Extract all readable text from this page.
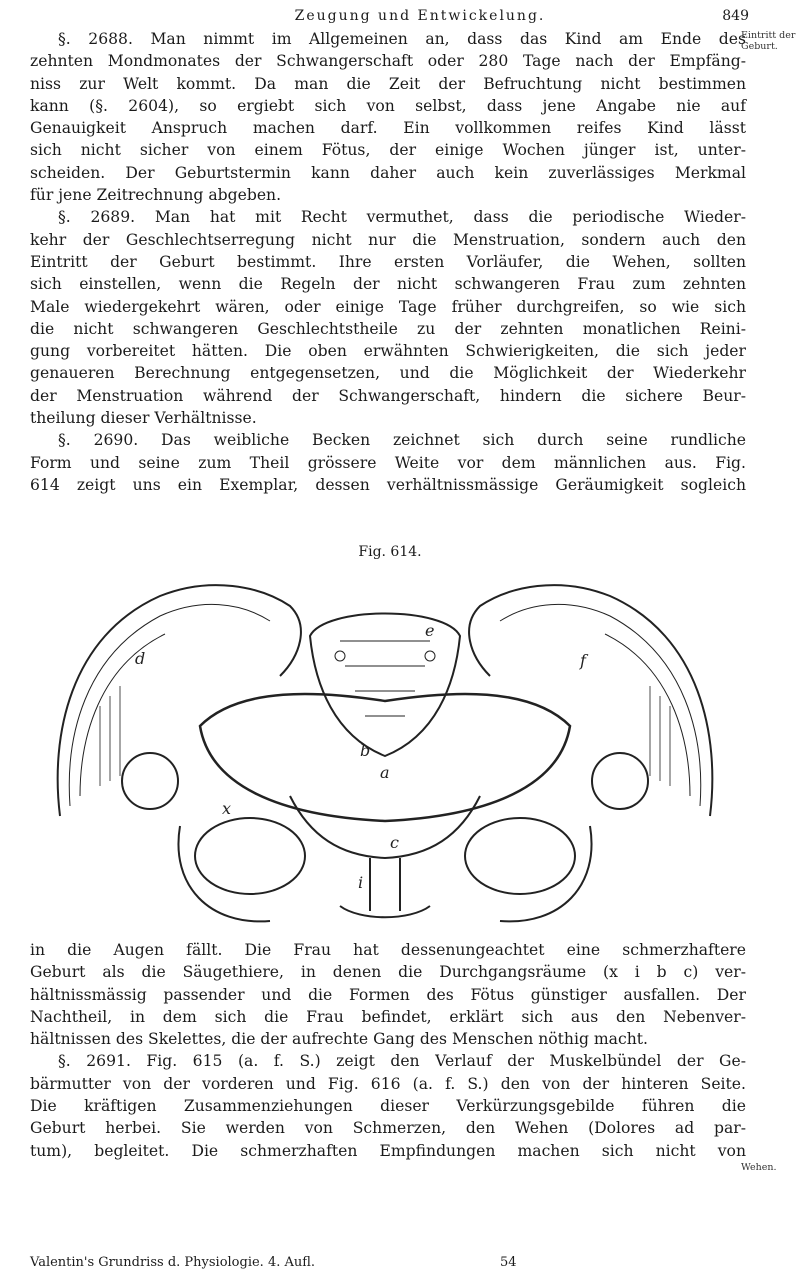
Zeugung und Entwickelung.	849
Eintritt der Geburt.
Wehen.

§. 2688. Man nimmt im Allgemeinen an, dass das Kind am Ende des

zehnten Mondmonates der Schwangerschaft oder 280 Tage nach der Empfäng-

niss zur Welt kommt. Da man die Zeit der Befruchtung nicht bestimmen

kann (§. 2604), so ergiebt sich von selbst, dass jene Angabe nie auf

Genauigkeit Anspruch machen darf. Ein vollkommen reifes Kind lässt

sich nicht sicher von einem Fötus, der einige Wochen jünger ist, unter-

scheiden. Der Geburtstermin kann daher auch kein zuverlässiges Merkmal

für jene Zeitrechnung abgeben.

§. 2689. Man hat mit Recht vermuthet, dass die periodische Wieder-

kehr der Geschlechtserregung nicht nur die Menstruation, sondern auch den

Eintritt der Geburt bestimmt. Ihre ersten Vorläufer, die Wehen, sollten

sich einstellen, wenn die Regeln der nicht schwangeren Frau zum zehnten

Male wiedergekehrt wären, oder einige Tage früher durchgreifen, so wie sich

die nicht schwangeren Geschlechtstheile zu der zehnten monatlichen Reini-

gung vorbereitet hätten. Die oben erwähnten Schwierigkeiten, die sich jeder

genaueren Berechnung entgegensetzen, und die Möglichkeit der Wiederkehr

der Menstruation während der Schwangerschaft, hindern die sichere Beur-

theilung dieser Verhältnisse.

§. 2690. Das weibliche Becken zeichnet sich durch seine rundliche

Form und seine zum Theil grössere Weite vor dem männlichen aus. Fig.

614 zeigt uns ein Exemplar, dessen verhältnissmässige Geräumigkeit sogleich

Fig. 614.
d
e
a
b
c
i
x
f

in die Augen fällt. Die Frau hat dessenungeachtet eine schmerzhaftere

Geburt als die Säugethiere, in denen die Durchgangsräume (x i b c) ver-

hältnissmässig passender und die Formen des Fötus günstiger ausfallen. Der

Nachtheil, in dem sich die Frau befindet, erklärt sich aus den Nebenver-

hältnissen des Skelettes, die der aufrechte Gang des Menschen nöthig macht.

§. 2691. Fig. 615 (a. f. S.) zeigt den Verlauf der Muskelbündel der Ge-

bärmutter von der vorderen und Fig. 616 (a. f. S.) den von der hinteren Seite.

Die kräftigen Zusammenziehungen dieser Verkürzungsgebilde führen die

Geburt herbei. Sie werden von Schmerzen, den Wehen (Dolores ad par-

tum), begleitet. Die schmerzhaften Empfindungen machen sich nicht von

Valentin's Grundriss d. Physiologie. 4. Aufl.	54
